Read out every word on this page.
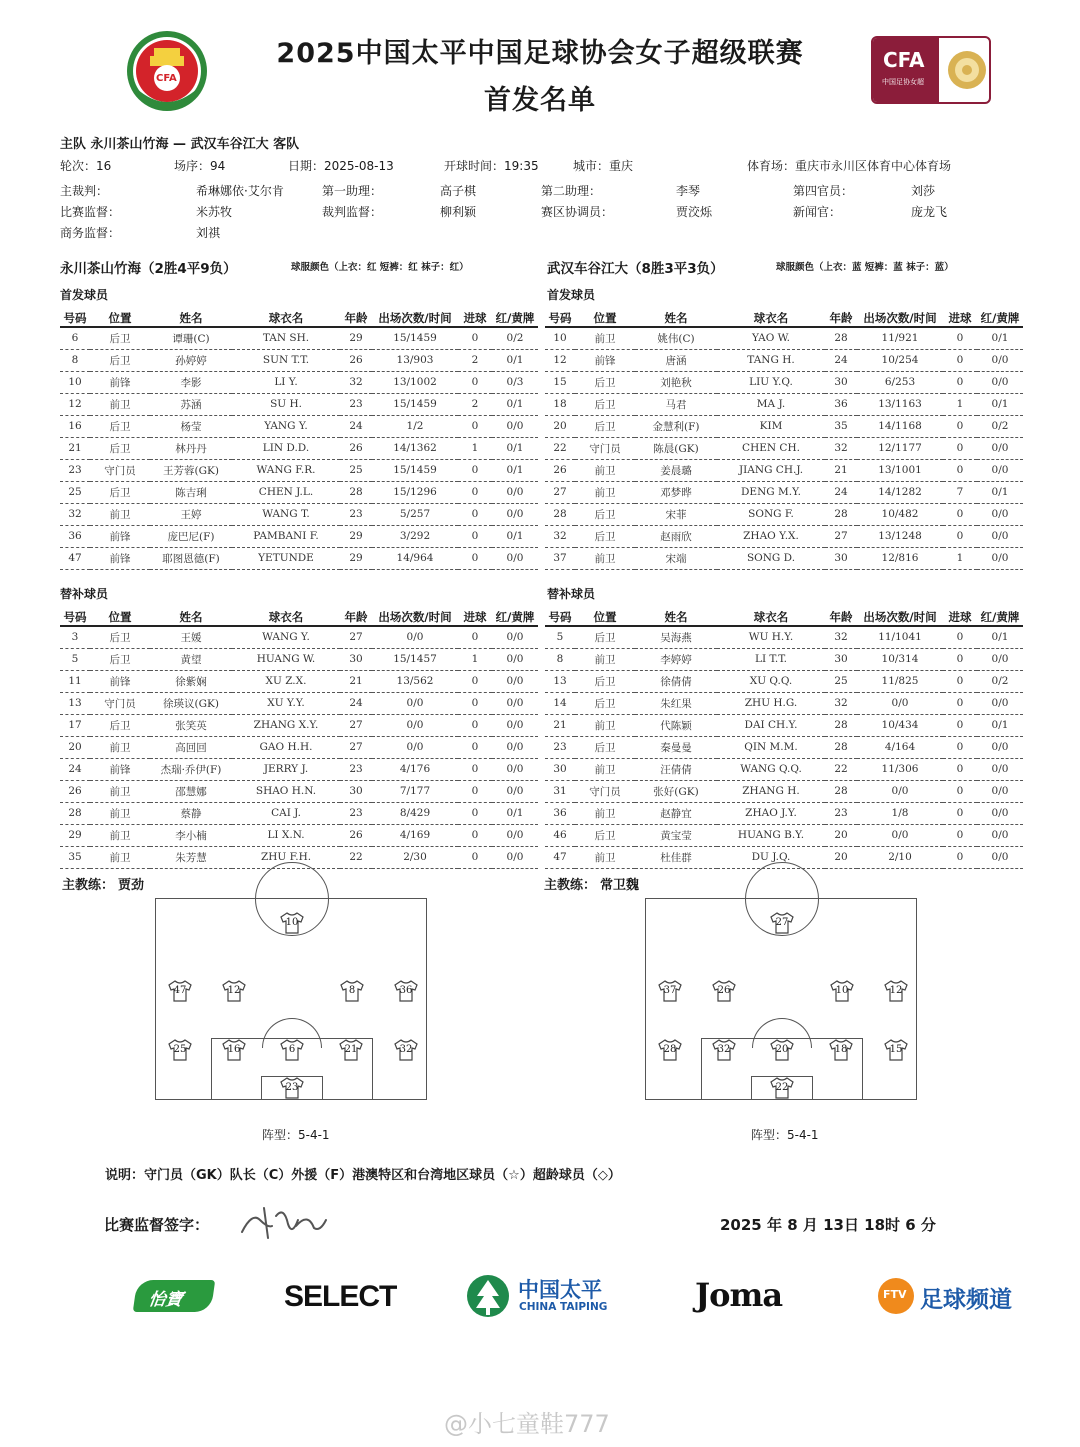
CFA
2025中国太平中国足球协会女子超级联赛
首发名单
CFA
中国足协女超
主队 永川茶山竹海 — 武汉车谷江大 客队
轮次：16	场序：94	日期：2025-08-13	开球时间：19:35	城市：重庆	体育场：重庆市永川区体育中心体育场
主裁判：	希琳娜依·艾尔肯	第一助理：	高子棋	第二助理：	李琴	第四官员：	刘莎
比赛监督：	米苏牧	裁判监督：	柳利颖	赛区协调员：	贾洨烁	新闻官：	庞龙飞
商务监督：	刘祺
永川茶山竹海（2胜4平9负）	球服颜色（上衣：红 短裤：红 袜子：红）	武汉车谷江大（8胜3平3负）	球服颜色（上衣：蓝 短裤：蓝 袜子：蓝）
首发球员	首发球员
号码	位置	姓名	球衣名	年龄	出场次数/时间	进球	红/黄牌
6	后卫	谭珊(C)	TAN SH.	29	15/1459	0	0/2
8	后卫	孙婷婷	SUN T.T.	26	13/903	2	0/1
10	前锋	李影	LI Y.	32	13/1002	0	0/3
12	前卫	苏涵	SU H.	23	15/1459	2	0/1
16	后卫	杨莹	YANG Y.	24	1/2	0	0/0
21	后卫	林丹丹	LIN D.D.	26	14/1362	1	0/1
23	守门员	王芳蓉(GK)	WANG F.R.	25	15/1459	0	0/1
25	后卫	陈吉琍	CHEN J.L.	28	15/1296	0	0/0
32	前卫	王婷	WANG T.	23	5/257	0	0/0
36	前锋	庞巴尼(F)	PAMBANI F.	29	3/292	0	0/1
47	前锋	耶图恩德(F)	YETUNDE	29	14/964	0	0/0
号码	位置	姓名	球衣名	年龄	出场次数/时间	进球	红/黄牌
10	前卫	姚伟(C)	YAO W.	28	11/921	0	0/1
12	前锋	唐涵	TANG H.	24	10/254	0	0/0
15	后卫	刘艳秋	LIU Y.Q.	30	6/253	0	0/0
18	后卫	马君	MA J.	36	13/1163	1	0/1
20	后卫	金慧利(F)	KIM	35	14/1168	0	0/2
22	守门员	陈晨(GK)	CHEN CH.	32	12/1177	0	0/0
26	前卫	姜晨璐	JIANG CH.J.	21	13/1001	0	0/0
27	前卫	邓梦晔	DENG M.Y.	24	14/1282	7	0/1
28	后卫	宋菲	SONG F.	28	10/482	0	0/0
32	后卫	赵雨欣	ZHAO Y.X.	27	13/1248	0	0/0
37	前卫	宋端	SONG D.	30	12/816	1	0/0
替补球员	替补球员
号码	位置	姓名	球衣名	年龄	出场次数/时间	进球	红/黄牌
3	后卫	王媛	WANG Y.	27	0/0	0	0/0
5	后卫	黄望	HUANG W.	30	15/1457	1	0/0
11	前锋	徐紫娴	XU Z.X.	21	13/562	0	0/0
13	守门员	徐瑛议(GK)	XU Y.Y.	24	0/0	0	0/0
17	后卫	张笑英	ZHANG X.Y.	27	0/0	0	0/0
20	前卫	高回回	GAO H.H.	27	0/0	0	0/0
24	前锋	杰瑞·乔伊(F)	JERRY J.	23	4/176	0	0/0
26	前卫	邵慧娜	SHAO H.N.	30	7/177	0	0/0
28	前卫	蔡静	CAI J.	23	8/429	0	0/1
29	前卫	李小楠	LI X.N.	26	4/169	0	0/0
35	前卫	朱芳慧	ZHU F.H.	22	2/30	0	0/0
号码	位置	姓名	球衣名	年龄	出场次数/时间	进球	红/黄牌
5	后卫	吴海燕	WU H.Y.	32	11/1041	0	0/1
8	前卫	李婷婷	LI T.T.	30	10/314	0	0/0
13	后卫	徐倩倩	XU Q.Q.	25	11/825	0	0/2
14	后卫	朱红果	ZHU H.G.	32	0/0	0	0/0
21	前卫	代陈颖	DAI CH.Y.	28	10/434	0	0/1
23	后卫	秦曼曼	QIN M.M.	28	4/164	0	0/0
30	前卫	汪倩倩	WANG Q.Q.	22	11/306	0	0/0
31	守门员	张好(GK)	ZHANG H.	28	0/0	0	0/0
36	前卫	赵静宜	ZHAO J.Y.	23	1/8	0	0/0
46	后卫	黄宝莹	HUANG B.Y.	20	0/0	0	0/0
47	前卫	杜佳群	DU J.Q.	20	2/10	0	0/0
主教练： 贾劲	主教练： 常卫魏
10
47	12	8	36
25	16	6	21	32
23
27
37	26	10	12
28	32	20	18	15
22
阵型：5-4-1	阵型：5-4-1
说明：守门员（GK）队长（C）外援（F）港澳特区和台湾地区球员（☆）超龄球员（◇）
比赛监督签字：	2025 年 8 月 13日 18时 6 分
怡寶	SELECT	中国太平
CHINA TAIPING	Joma	FTV 足球频道
@小七童鞋777
